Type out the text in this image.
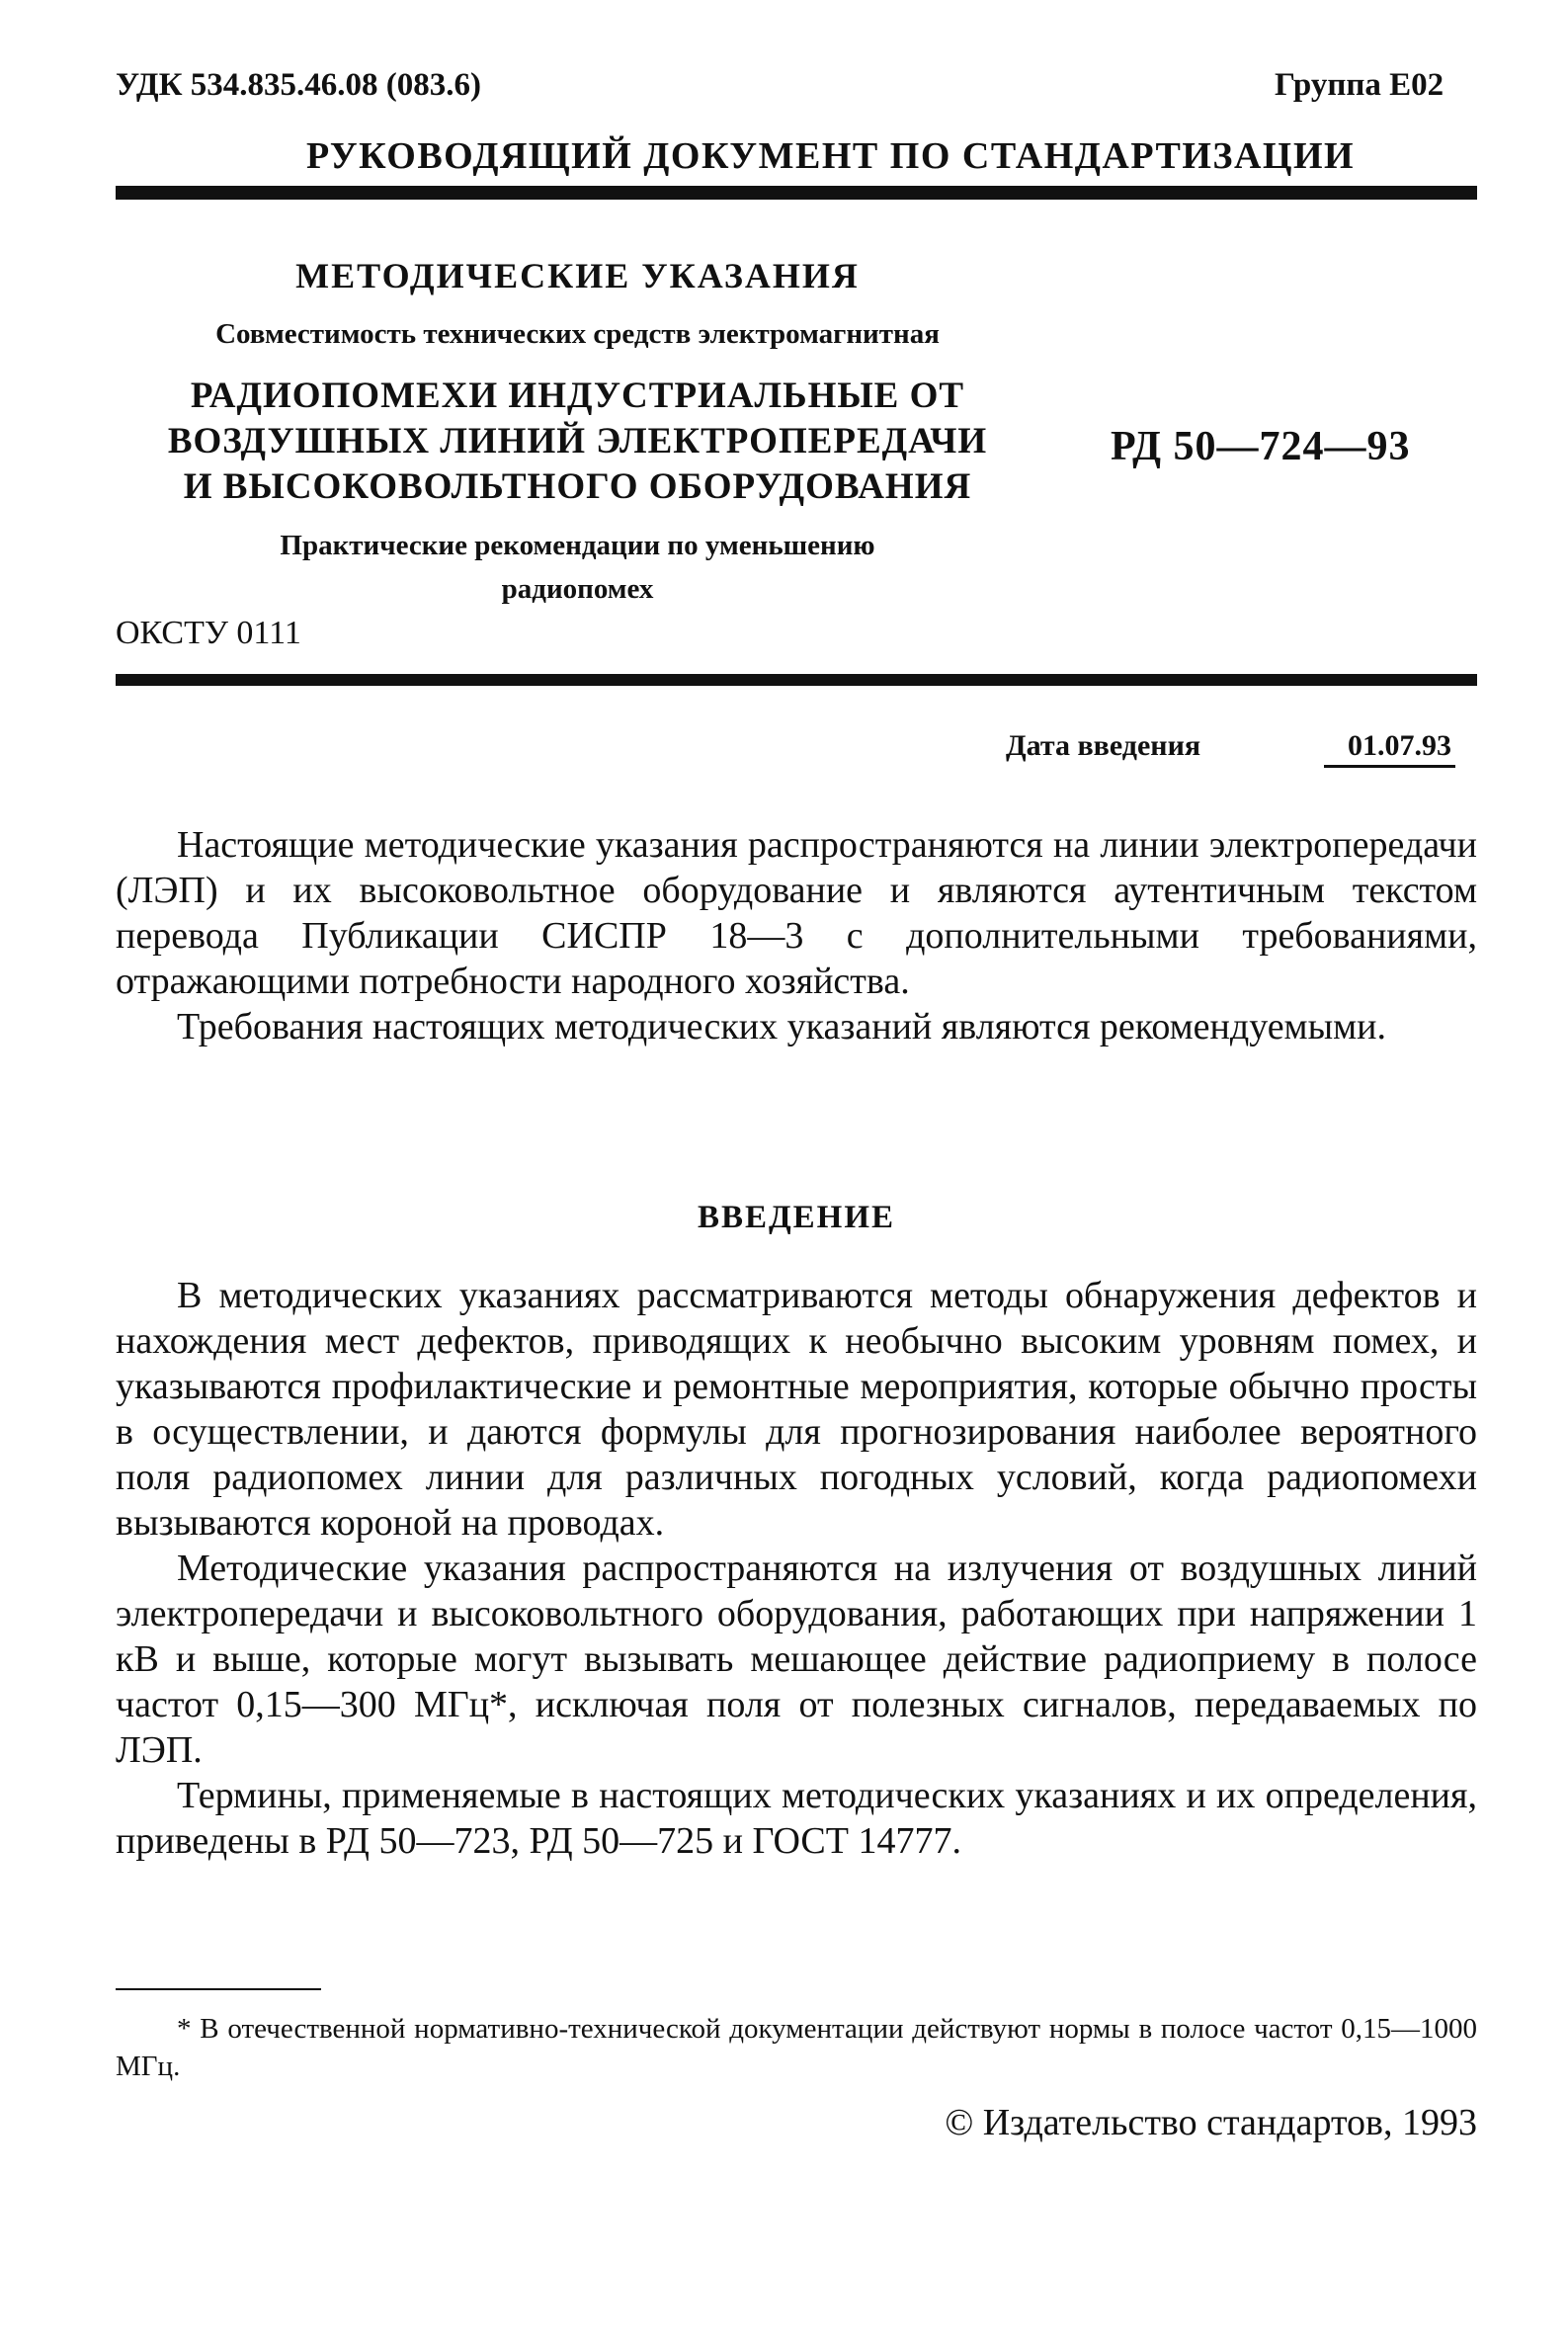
УДК 534.835.46.08 (083.6)	Группа Е02
РУКОВОДЯЩИЙ ДОКУМЕНТ ПО СТАНДАРТИЗАЦИИ
МЕТОДИЧЕСКИЕ УКАЗАНИЯ
Совместимость технических средств электромагнитная
РАДИОПОМЕХИ ИНДУСТРИАЛЬНЫЕ ОТ
ВОЗДУШНЫХ ЛИНИЙ ЭЛЕКТРОПЕРЕДАЧИ
И ВЫСОКОВОЛЬТНОГО ОБОРУДОВАНИЯ
Практические рекомендации по уменьшению
радиопомех
РД 50—724—93
ОКСТУ 0111
Дата введения	01.07.93

Настоящие методические указания распространяются на линии электропередачи (ЛЭП) и их высоковольтное оборудование и являются аутентичным текстом перевода Публикации СИСПР 18—3 с дополнительными требованиями, отражающими потребности народного хозяйства.

Требования настоящих методических указаний являются рекомендуемыми.

ВВЕДЕНИЕ

В методических указаниях рассматриваются методы обнаружения дефектов и нахождения мест дефектов, приводящих к необычно высоким уровням помех, и указываются профилактические и ремонтные мероприятия, которые обычно просты в осуществлении, и даются формулы для прогнозирования наиболее вероятного поля радиопомех линии для различных погодных условий, когда радиопомехи вызываются короной на проводах.

Методические указания распространяются на излучения от воздушных линий электропередачи и высоковольтного оборудования, работающих при напряжении 1 кВ и выше, которые могут вызывать мешающее действие радиоприему в полосе частот 0,15—300 МГц*, исключая поля от полезных сигналов, передаваемых по ЛЭП.

Термины, применяемые в настоящих методических указаниях и их определения, приведены в РД 50—723, РД 50—725 и ГОСТ 14777.

* В отечественной нормативно-технической документации действуют нормы в полосе частот 0,15—1000 МГц.
© Издательство стандартов, 1993
